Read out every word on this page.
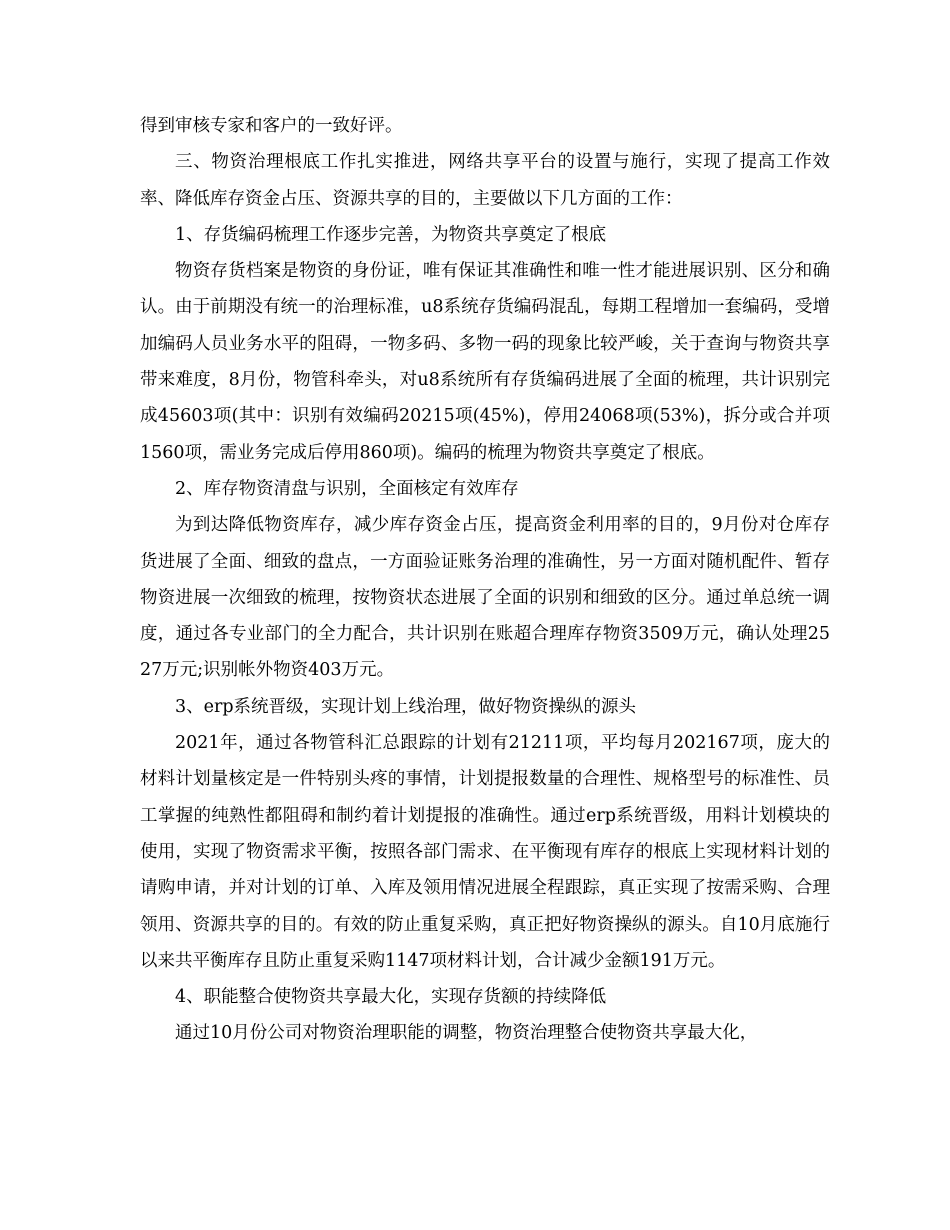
得到审核专家和客户的一致好评。

三、物资治理根底工作扎实推进，网络共享平台的设置与施行，实现了提高工作效率、降低库存资金占压、资源共享的目的，主要做以下几方面的工作：

1、存货编码梳理工作逐步完善，为物资共享奠定了根底

物资存货档案是物资的身份证，唯有保证其准确性和唯一性才能进展识别、区分和确认。由于前期没有统一的治理标准，u8系统存货编码混乱，每期工程增加一套编码，受增加编码人员业务水平的阻碍，一物多码、多物一码的现象比较严峻，关于查询与物资共享带来难度，8月份，物管科牵头，对u8系统所有存货编码进展了全面的梳理，共计识别完成45603项(其中：识别有效编码20215项(45%)，停用24068项(53%)，拆分或合并项1560项，需业务完成后停用860项)。编码的梳理为物资共享奠定了根底。

2、库存物资清盘与识别，全面核定有效库存

为到达降低物资库存，减少库存资金占压，提高资金利用率的目的，9月份对仓库存货进展了全面、细致的盘点，一方面验证账务治理的准确性，另一方面对随机配件、暂存物资进展一次细致的梳理，按物资状态进展了全面的识别和细致的区分。通过单总统一调度，通过各专业部门的全力配合，共计识别在账超合理库存物资3509万元，确认处理2527万元;识别帐外物资403万元。

3、erp系统晋级，实现计划上线治理，做好物资操纵的源头

2021年，通过各物管科汇总跟踪的计划有21211项，平均每月202167项，庞大的材料计划量核定是一件特别头疼的事情，计划提报数量的合理性、规格型号的标准性、员工掌握的纯熟性都阻碍和制约着计划提报的准确性。通过erp系统晋级，用料计划模块的使用，实现了物资需求平衡，按照各部门需求、在平衡现有库存的根底上实现材料计划的请购申请，并对计划的订单、入库及领用情况进展全程跟踪，真正实现了按需采购、合理领用、资源共享的目的。有效的防止重复采购，真正把好物资操纵的源头。自10月底施行以来共平衡库存且防止重复采购1147项材料计划，合计减少金额191万元。

4、职能整合使物资共享最大化，实现存货额的持续降低

通过10月份公司对物资治理职能的调整，物资治理整合使物资共享最大化，
